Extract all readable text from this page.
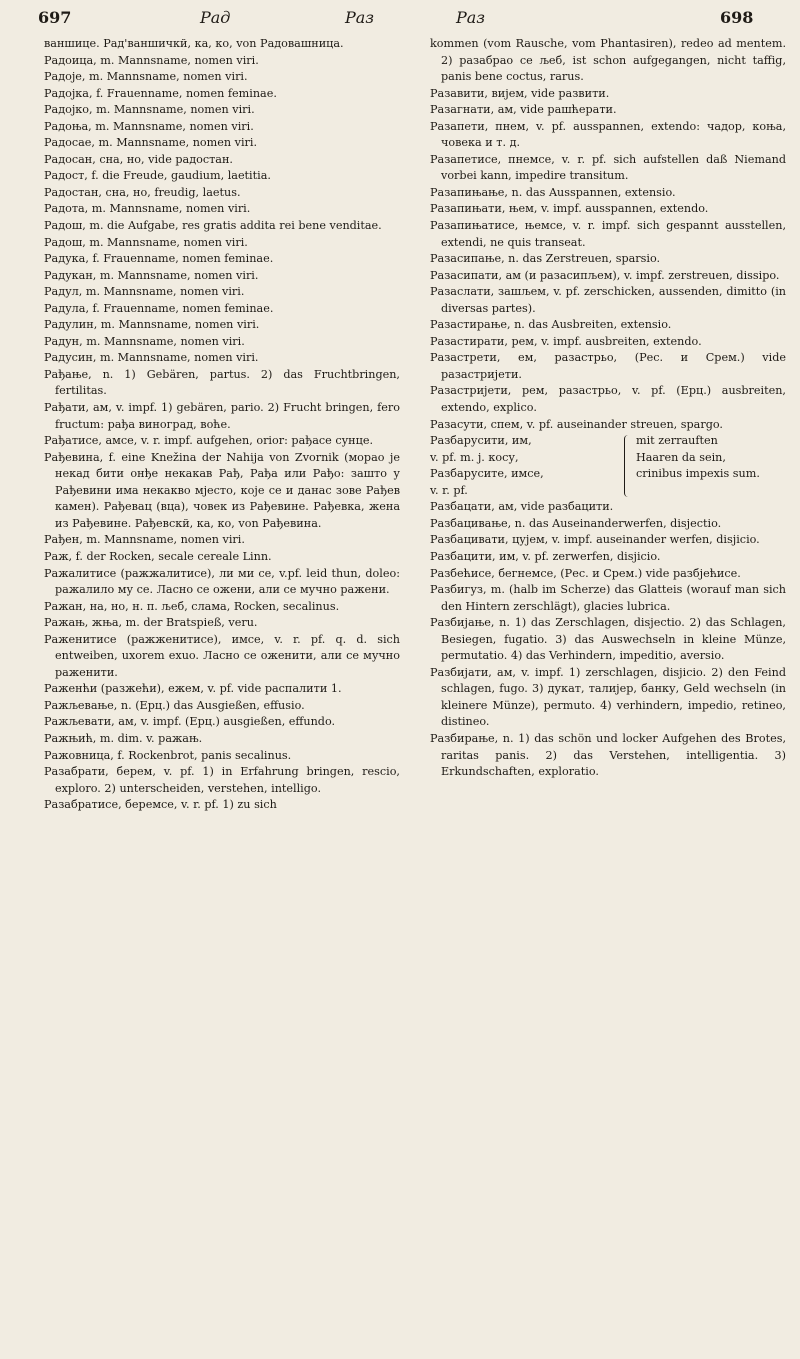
697	Рад	Раз	Раз	698

ваншице. Рад'ваншичкй, ка, ко, von Радовашница.

Радоица, m. Mannsname, nomen viri.

Радоје, m. Mannsname, nomen viri.

Радојка, f. Frauenname, nomen feminae.

Радојко, m. Mannsname, nomen viri.

Радоња, m. Mannsname, nomen viri.

Радосае, m. Mannsname, nomen viri.

Радосан, сна, но, vide радостан.

Радост, f. die Freude, gaudium, laetitia.

Радостан, сна, но, freudig, laetus.

Радота, m. Mannsname, nomen viri.

Радош, m. die Aufgabe, res gratis addita rei bene venditae.

Радош, m. Mannsname, nomen viri.

Радука, f. Frauenname, nomen feminae.

Радукан, m. Mannsname, nomen viri.

Радул, m. Mannsname, nomen viri.

Радула, f. Frauenname, nomen feminae.

Радулин, m. Mannsname, nomen viri.

Радун, m. Mannsname, nomen viri.

Радусин, m. Mannsname, nomen viri.

Рађање, n. 1) Gebären, partus. 2) das Fruchtbringen, fertilitas.

Рађати, ам, v. impf. 1) gebären, pario. 2) Frucht bringen, fero fructum: рађа виноград, воће.

Рађатисе, амсе, v. r. impf. aufgehen, orior: рађасе сунце.

Рађевина, f. eine Knežina der Nahija von Zvornik (морао је некад бити онђе некакав Рађ, Рађа или Рађо: зашто у Рађевини има некакво мјесто, које се и данас зове Рађев камен). Рађевац (вца), човек из Рађевине. Рађевка, жена из Рађевине. Рађевскй, ка, ко, von Рађевина.

Рађен, m. Mannsname, nomen viri.

Раж, f. der Rocken, secale cereale Linn.

Ражалитисе (ражжалитисе), ли ми се, v.pf. leid thun, doleo: ражалило му се. Ласно се ожени, али се мучно ражени.

Ражан, на, но, н. п. љеб, слама, Rocken, secalinus.

Ражањ, жња, m. der Bratspieß, veru.

Раженитисе (ражженитисе), имсе, v. r. pf. q. d. sich entweiben, uxorem exuo. Ласно се оженити, али се мучно раженити.

Раженћи (разжећи), ежем, v. pf. vide распалити 1.

Ражљевање, n. (Ерц.) das Ausgießen, effusio.

Ражљевати, ам, v. impf. (Ерц.) ausgießen, effundo.

Ражњић, m. dim. v. ражањ.

Ражовница, f. Rockenbrot, panis secalinus.

Разабрати, берем, v. pf. 1) in Erfahrung bringen, rescio, exploro. 2) unterscheiden, verstehen, intelligo.

Разабратисе, беремсе, v. r. pf. 1) zu sich

kommen (vom Rausche, vom Phantasiren), redeo ad mentem. 2) разабрао се љеб, ist schon aufgegangen, nicht taffig, panis bene coctus, rarus.

Разавити, вијем, vide развити.

Разагнати, ам, vide рашћерати.

Разапети, пнем, v. pf. ausspannen, extendo: чадор, коња, човека и т. д.

Разапетисе, пнемсе, v. r. pf. sich aufstellen daß Niemand vorbei kann, impedire transitum.

Разапињање, n. das Ausspannen, extensio.

Разапињати, њем, v. impf. ausspannen, extendo.

Разапињатисе, њемсе, v. r. impf. sich gespannt ausstellen, extendi, ne quis transeat.

Разасипање, n. das Zerstreuen, sparsio.

Разасипати, ам (и разасипљем), v. impf. zerstreuen, dissipo.

Разаслати, зашљем, v. pf. zerschicken, aussenden, dimitto (in diversas partes).

Разастирање, n. das Ausbreiten, extensio.

Разастирати, рем, v. impf. ausbreiten, extendo.

Разастрети, ем, разастрьо, (Рес. и Срем.) vide разастријети.

Разастријети, рем, разастрьо, v. pf. (Ерц.) ausbreiten, extendo, explico.

Разасути, спем, v. pf. auseinander streuen, spargo.

Разбарусити, им,
v. pf. m. j. косу,
Разбарусите, имсе,
v. r. pf.
mit zerrauften
Haaren da sein,
crinibus impexis sum.

Разбацати, ам, vide разбацити.

Разбацивање, n. das Auseinanderwerfen, disjectio.

Разбацивати, цујем, v. impf. auseinander werfen, disjicio.

Разбацити, им, v. pf. zerwerfen, disjicio.

Разбећисе, бегнемсе, (Рес. и Срем.) vide разбјећисе.

Разбигуз, m. (halb im Scherze) das Glatteis (worauf man sich den Hintern zerschlägt), glacies lubrica.

Разбијање, n. 1) das Zerschlagen, disjectio. 2) das Schlagen, Besiegen, fugatio. 3) das Auswechseln in kleine Münze, permutatio. 4) das Verhindern, impeditio, aversio.

Разбијати, ам, v. impf. 1) zerschlagen, disjicio. 2) den Feind schlagen, fugo. 3) дукат, талијер, банку, Geld wechseln (in kleinere Münze), permuto. 4) verhindern, impedio, retineo, distineo.

Разбирање, n. 1) das schön und locker Aufgehen des Brotes, raritas panis. 2) das Verstehen, intelligentia. 3) Erkundschaften, exploratio.
